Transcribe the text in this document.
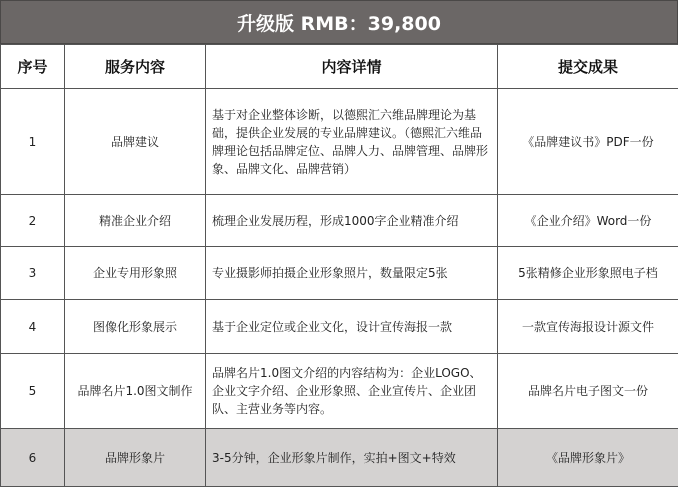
升级版 RMB：39,800
序号	服务内容	内容详情	提交成果
1	品牌建议	基于对企业整体诊断，以德熙汇六维品牌理论为基础，提供企业发展的专业品牌建议。（德熙汇六维品牌理论包括品牌定位、品牌人力、品牌管理、品牌形象、品牌文化、品牌营销）	《品牌建议书》PDF一份
2	精准企业介绍	梳理企业发展历程，形成1000字企业精准介绍	《企业介绍》Word一份
3	企业专用形象照	专业摄影师拍摄企业形象照片，数量限定5张	5张精修企业形象照电子档
4	图像化形象展示	基于企业定位或企业文化，设计宣传海报一款	一款宣传海报设计源文件
5	品牌名片1.0图文制作	品牌名片1.0图文介绍的内容结构为：企业LOGO、企业文字介绍、企业形象照、企业宣传片、企业团队、主营业务等内容。	品牌名片电子图文一份
6	品牌形象片	3-5分钟，企业形象片制作，实拍+图文+特效	《品牌形象片》
